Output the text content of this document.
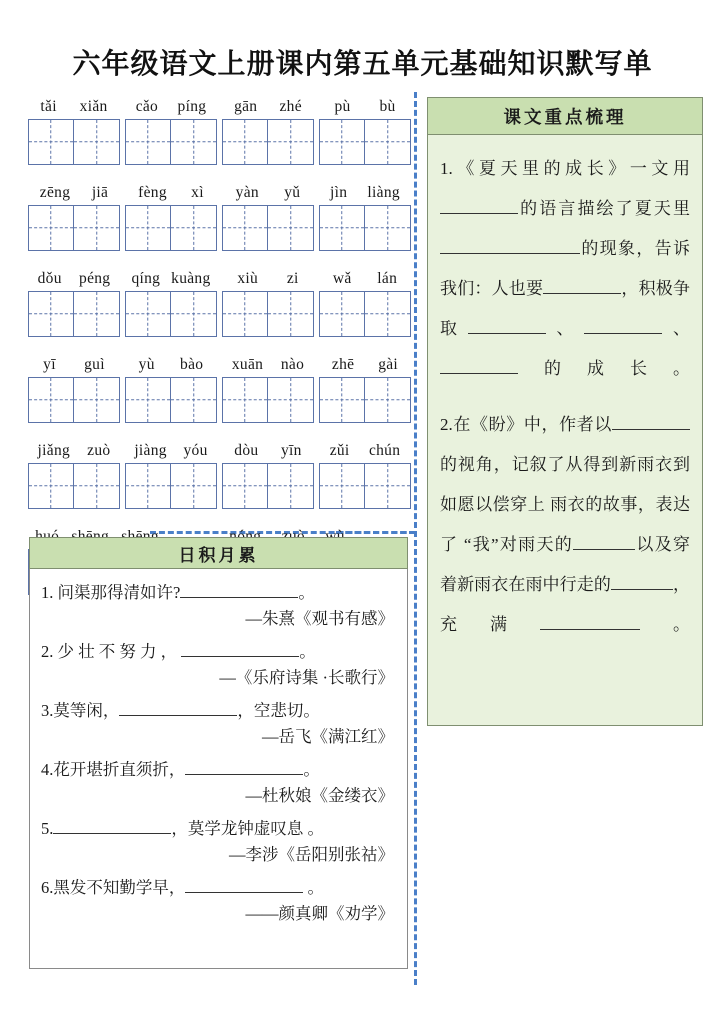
六年级语文上册课内第五单元基础知识默写单
tǎi xiǎn cǎo píng gān zhé pù bù
zēng jiā fèng xì yàn yǔ jìn liàng
dǒu péng qíng kuàng xiù zi wǎ lán
yī guì yù bào xuān nào zhē gài
jiǎng zuò jiàng yóu dòu yīn zǔi chún
课文重点梳理
1.《夏天里的成长》一文用的语言描绘了夏天里的现象，告诉我们：人也要	，积极争取	、	、的成长。
2.在《盼》中，作者以的视角，记叙了从得到新雨衣到如愿以偿穿上 雨衣的故事，表达了 “我”对雨天的	以及穿着新雨衣在雨中行走的	，充满	。
日积月累
1. 问渠那得清如许?	。
—朱熹《观书有感》
2. 少 壮 不 努 力 ，	。
—《乐府诗集 ·长歌行》
3.莫等闲，	，空悲切。
—岳飞《满江红》
4.花开堪折直须折，	。
—杜秋娘《金缕衣》
5.	，莫学龙钟虚叹息 。
—李涉《岳阳别张祜》
6.黑发不知勤学早，	。
——颜真卿《劝学》
